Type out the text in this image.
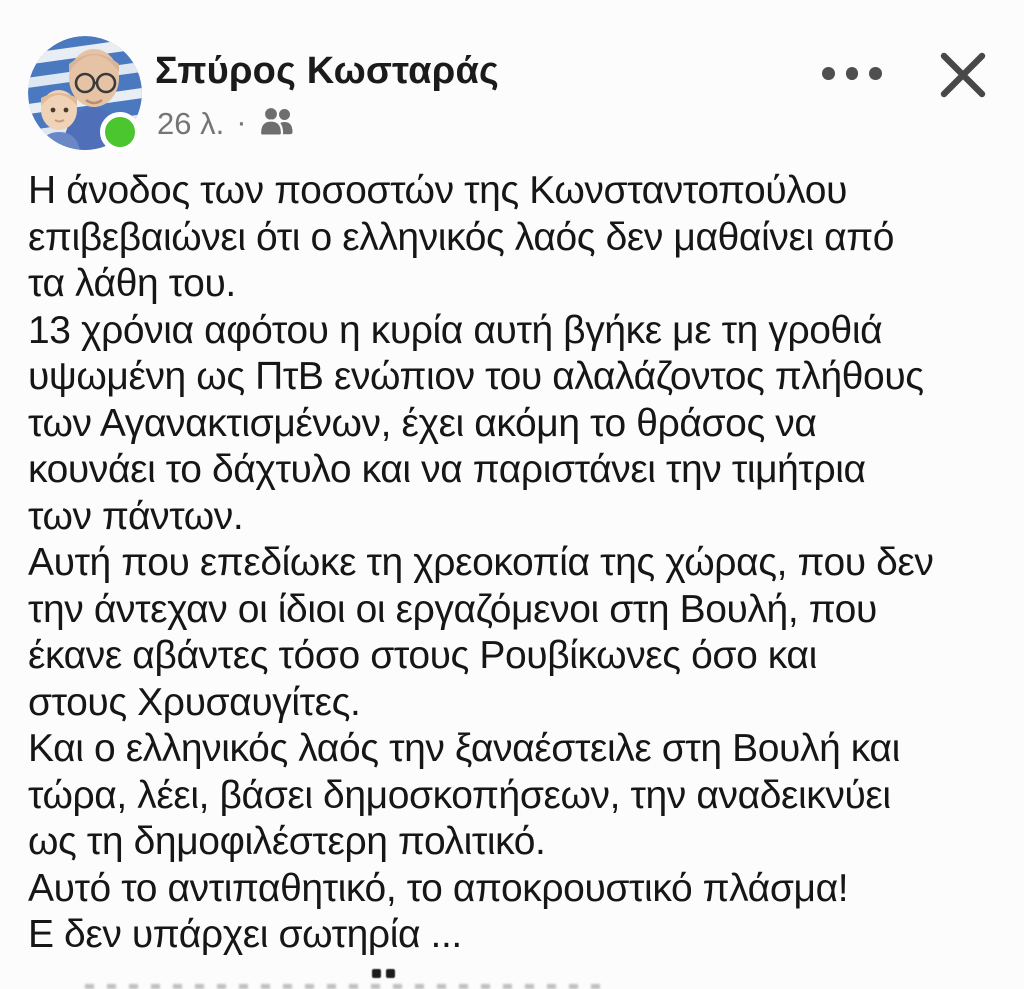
Σπύρος Κωσταράς
26 λ. ·
Η άνοδος των ποσοστών της Κωνσταντοπούλου
επιβεβαιώνει ότι ο ελληνικός λαός δεν μαθαίνει από
τα λάθη του.
13 χρόνια αφότου η κυρία αυτή βγήκε με τη γροθιά
υψωμένη ως ΠτΒ ενώπιον του αλαλάζοντος πλήθους
των Αγανακτισμένων, έχει ακόμη το θράσος να
κουνάει το δάχτυλο και να παριστάνει την τιμήτρια
των πάντων.
Αυτή που επεδίωκε τη χρεοκοπία της χώρας, που δεν
την άντεχαν οι ίδιοι οι εργαζόμενοι στη Βουλή, που
έκανε αβάντες τόσο στους Ρουβίκωνες όσο και
στους Χρυσαυγίτες.
Και ο ελληνικός λαός την ξαναέστειλε στη Βουλή και
τώρα, λέει, βάσει δημοσκοπήσεων, την αναδεικνύει
ως τη δημοφιλέστερη πολιτικό.
Αυτό το αντιπαθητικό, το αποκρουστικό πλάσμα!
Ε δεν υπάρχει σωτηρία ...
